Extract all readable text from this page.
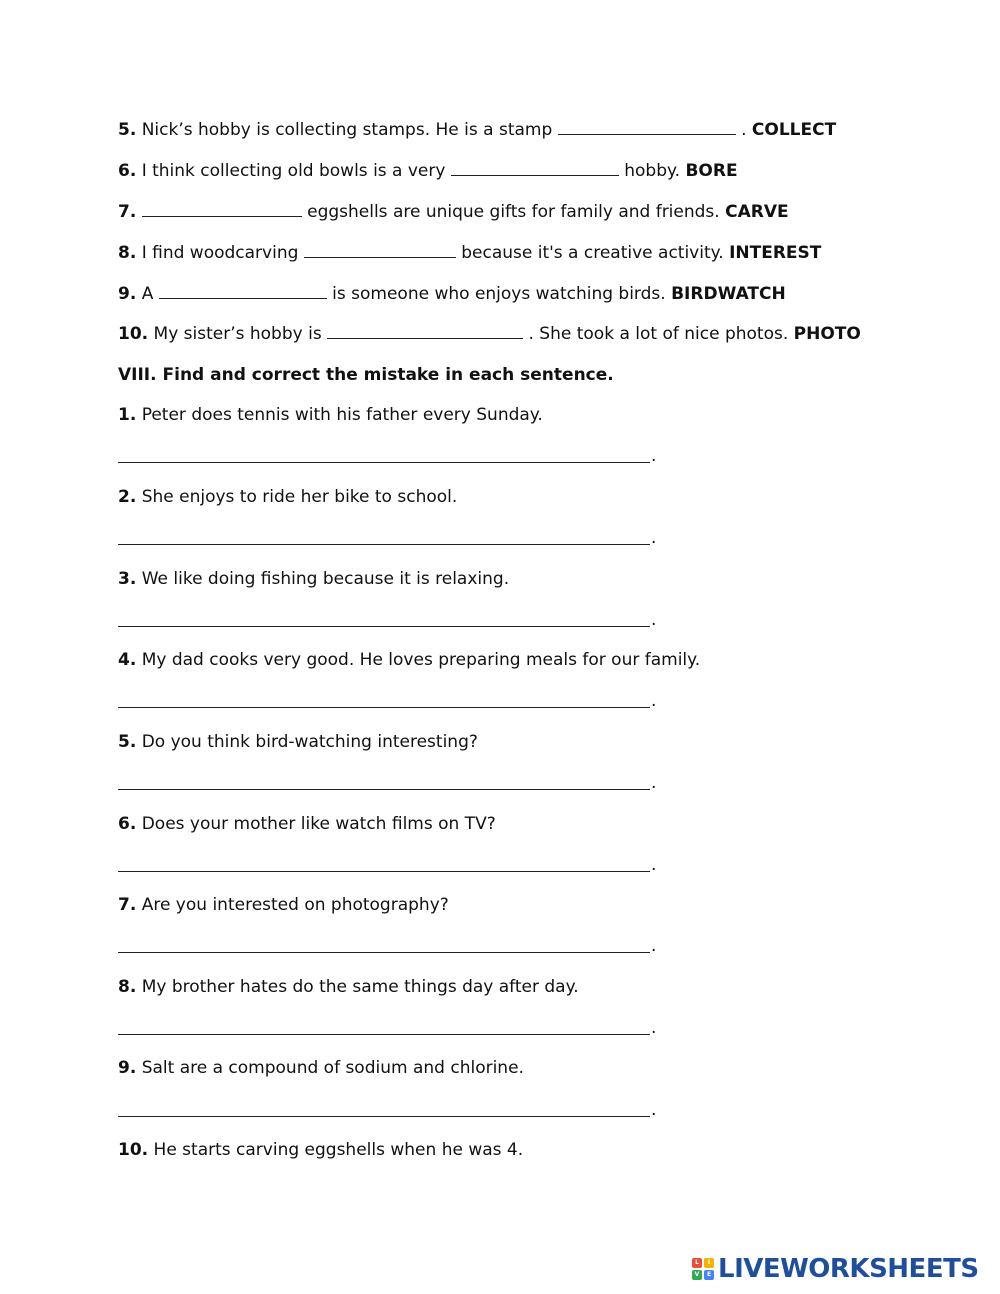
5. Nick’s hobby is collecting stamps. He is a stamp	. COLLECT

6. I think collecting old bowls is a very	hobby. BORE

7.	eggshells are unique gifts for family and friends. CARVE

8. I find woodcarving	because it's a creative activity. INTEREST

9. A	is someone who enjoys watching birds. BIRDWATCH

10. My sister’s hobby is	. She took a lot of nice photos. PHOTO

VIII. Find and correct the mistake in each sentence.

1. Peter does tennis with his father every Sunday.

.

2. She enjoys to ride her bike to school.

.

3. We like doing fishing because it is relaxing.

.

4. My dad cooks very good. He loves preparing meals for our family.

.

5. Do you think bird-watching interesting?

.

6. Does your mother like watch films on TV?

.

7. Are you interested on photography?

.

8. My brother hates do the same things day after day.

.

9. Salt are a compound of sodium and chlorine.

.

10. He starts carving eggshells when he was 4.

L	I
V	E LIVEWORKSHEETS
